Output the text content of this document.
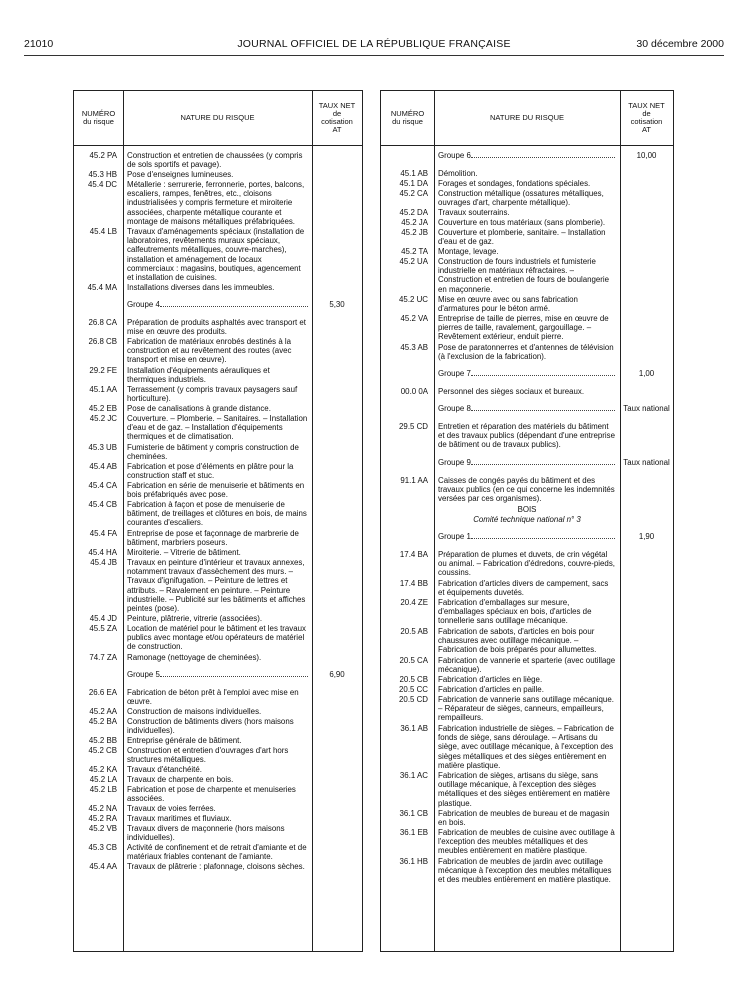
21010	JOURNAL OFFICIEL DE LA RÉPUBLIQUE FRANÇAISE	30 décembre 2000
NUMÉRO
du risque	NATURE DU RISQUE
TAUX NET
de
cotisation
AT
45.2 PA Construction et entretien de chaussées (y compris de sols sportifs et pavage).
45.3 HB Pose d'enseignes lumineuses.
45.4 DC Métallerie : serrurerie, ferronnerie, portes, balcons, escaliers, rampes, fenêtres, etc., cloisons industrialisées y compris fermeture et miroiterie associées, charpente métallique courante et montage de maisons métalliques préfabriquées.
45.4 LB Travaux d'aménagements spéciaux (installation de laboratoires, revêtements muraux spéciaux, calfeutrements métalliques, couvre-marches), installation et aménagement de locaux commerciaux : magasins, boutiques, agencement et installation de cuisines.
45.4 MA Installations diverses dans les immeubles.
Groupe 4	5,30
26.8 CA Préparation de produits asphaltés avec transport et mise en œuvre des produits.
26.8 CB Fabrication de matériaux enrobés destinés à la construction et au revêtement des routes (avec transport et mise en œuvre).
29.2 FE Installation d'équipements aérauliques et thermiques industriels.
45.1 AA Terrassement (y compris travaux paysagers sauf horticulture).
45.2 EB Pose de canalisations à grande distance.
45.2 JC Couverture. – Plomberie. – Sanitaires. – Installation d'eau et de gaz. – Installation d'équipements thermiques et de climatisation.
45.3 UB Fumisterie de bâtiment y compris construction de cheminées.
45.4 AB Fabrication et pose d'éléments en plâtre pour la construction staff et stuc.
45.4 CA Fabrication en série de menuiserie et bâtiments en bois préfabriqués avec pose.
45.4 CB Fabrication à façon et pose de menuiserie de bâtiment, de treillages et clôtures en bois, de mains courantes d'escaliers.
45.4 FA Entreprise de pose et façonnage de marbrerie de bâtiment, marbriers poseurs.
45.4 HA Miroiterie. – Vitrerie de bâtiment.
45.4 JB Travaux en peinture d'intérieur et travaux annexes, notamment travaux d'assèchement des murs. – Travaux d'ignifugation. – Peinture de lettres et attributs. – Ravalement en peinture. – Peinture industrielle. – Publicité sur les bâtiments et affiches peintes (pose).
45.4 JD Peinture, plâtrerie, vitrerie (associées).
45.5 ZA Location de matériel pour le bâtiment et les travaux publics avec montage et/ou opérateurs de matériel de construction.
74.7 ZA Ramonage (nettoyage de cheminées).
Groupe 5	6,90
26.6 EA Fabrication de béton prêt à l'emploi avec mise en œuvre.
45.2 AA Construction de maisons individuelles.
45.2 BA Construction de bâtiments divers (hors maisons individuelles).
45.2 BB Entreprise générale de bâtiment.
45.2 CB Construction et entretien d'ouvrages d'art hors structures métalliques.
45.2 KA Travaux d'étanchéité.
45.2 LA Travaux de charpente en bois.
45.2 LB Fabrication et pose de charpente et menuiseries associées.
45.2 NA Travaux de voies ferrées.
45.2 RA Travaux maritimes et fluviaux.
45.2 VB Travaux divers de maçonnerie (hors maisons individuelles).
45.3 CB Activité de confinement et de retrait d'amiante et de matériaux friables contenant de l'amiante.
45.4 AA Travaux de plâtrerie : plafonnage, cloisons sèches.
NUMÉRO
du risque	NATURE DU RISQUE
TAUX NET
de
cotisation
AT
Groupe 6	10,00
45.1 AB Démolition.
45.1 DA Forages et sondages, fondations spéciales.
45.2 CA Construction métallique (ossatures métalliques, ouvrages d'art, charpente métallique).
45.2 DA Travaux souterrains.
45.2 JA Couverture en tous matériaux (sans plomberie).
45.2 JB Couverture et plomberie, sanitaire. – Installation d'eau et de gaz.
45.2 TA Montage, levage.
45.2 UA Construction de fours industriels et fumisterie industrielle en matériaux réfractaires. – Construction et entretien de fours de boulangerie en maçonnerie.
45.2 UC Mise en œuvre avec ou sans fabrication d'armatures pour le béton armé.
45.2 VA Entreprise de taille de pierres, mise en œuvre de pierres de taille, ravalement, gargouillage. – Revêtement extérieur, enduit pierre.
45.3 AB Pose de paratonnerres et d'antennes de télévision (à l'exclusion de la fabrication).
Groupe 7	1,00
00.0 0A Personnel des sièges sociaux et bureaux.
Groupe 8	Taux national
29.5 CD Entretien et réparation des matériels du bâtiment et des travaux publics (dépendant d'une entreprise de bâtiment ou de travaux publics).
Groupe 9	Taux national
91.1 AA Caisses de congés payés du bâtiment et des travaux publics (en ce qui concerne les indemnités versées par ces organismes).
BOIS
Comité technique national n° 3
Groupe 1	1,90
17.4 BA Préparation de plumes et duvets, de crin végétal ou animal. – Fabrication d'édredons, couvre-pieds, coussins.
17.4 BB Fabrication d'articles divers de campement, sacs et équipements duvetés.
20.4 ZE Fabrication d'emballages sur mesure, d'emballages spéciaux en bois, d'articles de tonnellerie sans outillage mécanique.
20.5 AB Fabrication de sabots, d'articles en bois pour chaussures avec outillage mécanique. – Fabrication de bois préparés pour allumettes.
20.5 CA Fabrication de vannerie et sparterie (avec outillage mécanique).
20.5 CB Fabrication d'articles en liège.
20.5 CC Fabrication d'articles en paille.
20.5 CD Fabrication de vannerie sans outillage mécanique. – Réparateur de sièges, canneurs, empailleurs, rempailleurs.
36.1 AB Fabrication industrielle de sièges. – Fabrication de fonds de siège, sans déroulage. – Artisans du siège, avec outillage mécanique, à l'exception des sièges métalliques et des sièges entièrement en matière plastique.
36.1 AC Fabrication de sièges, artisans du siège, sans outillage mécanique, à l'exception des sièges métalliques et des sièges entièrement en matière plastique.
36.1 CB Fabrication de meubles de bureau et de magasin en bois.
36.1 EB Fabrication de meubles de cuisine avec outillage à l'exception des meubles métalliques et des meubles entièrement en matière plastique.
36.1 HB Fabrication de meubles de jardin avec outillage mécanique à l'exception des meubles métalliques et des meubles entièrement en matière plastique.
